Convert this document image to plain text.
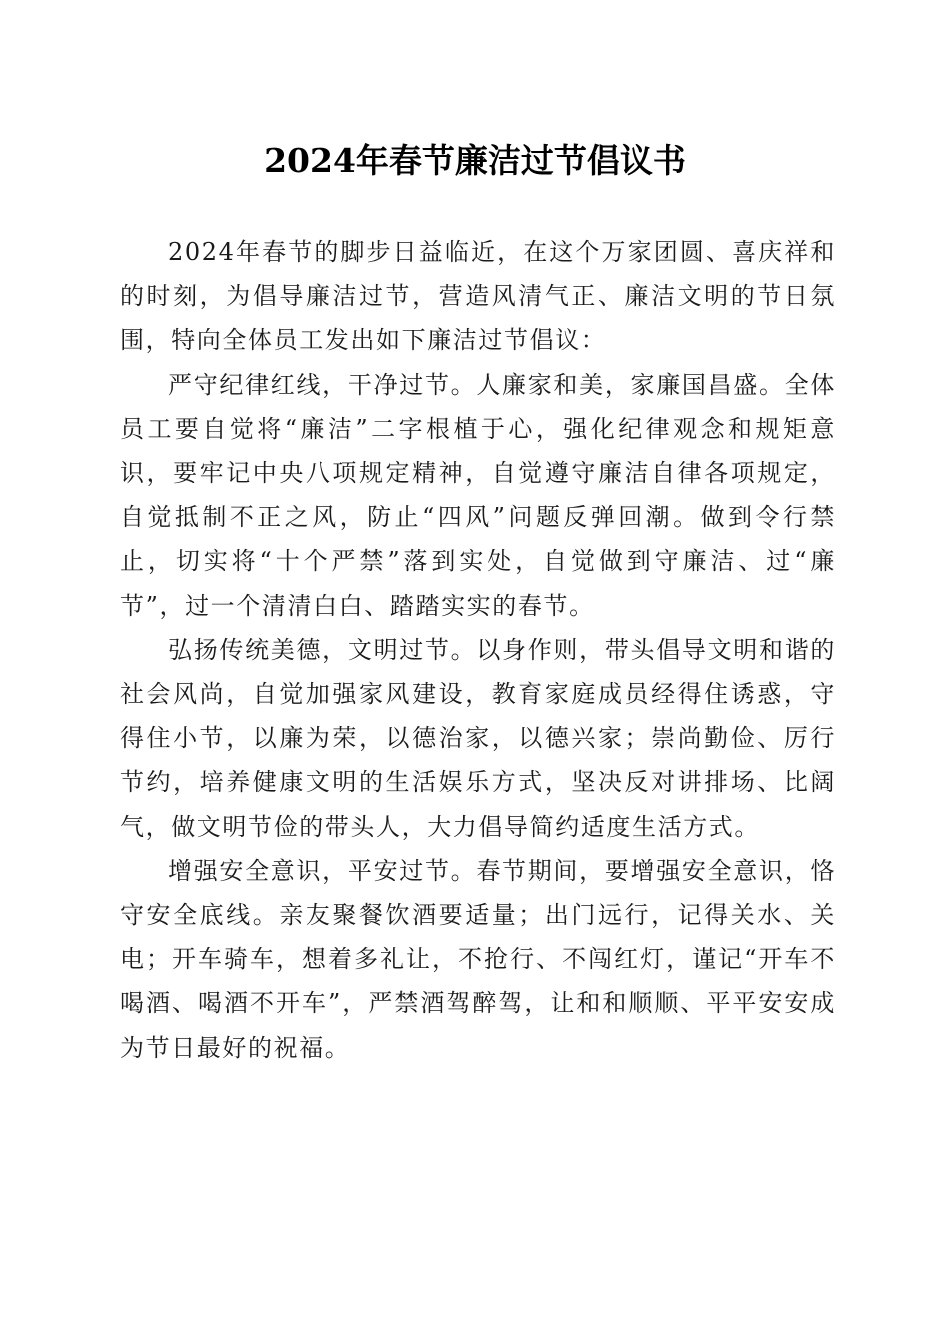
2024年春节廉洁过节倡议书

2024年春节的脚步日益临近，在这个万家团圆、喜庆祥和的时刻，为倡导廉洁过节，营造风清气正、廉洁文明的节日氛围，特向全体员工发出如下廉洁过节倡议：

严守纪律红线，干净过节。人廉家和美，家廉国昌盛。全体员工要自觉将“廉洁”二字根植于心，强化纪律观念和规矩意识，要牢记中央八项规定精神，自觉遵守廉洁自律各项规定，自觉抵制不正之风，防止“四风”问题反弹回潮。做到令行禁止，切实将“十个严禁”落到实处，自觉做到守廉洁、过“廉节”，过一个清清白白、踏踏实实的春节。

弘扬传统美德，文明过节。以身作则，带头倡导文明和谐的社会风尚，自觉加强家风建设，教育家庭成员经得住诱惑，守得住小节，以廉为荣，以德治家，以德兴家；崇尚勤俭、厉行节约，培养健康文明的生活娱乐方式，坚决反对讲排场、比阔气，做文明节俭的带头人，大力倡导简约适度生活方式。

增强安全意识，平安过节。春节期间，要增强安全意识，恪守安全底线。亲友聚餐饮酒要适量；出门远行，记得关水、关电；开车骑车，想着多礼让，不抢行、不闯红灯，谨记“开车不喝酒、喝酒不开车”，严禁酒驾醉驾，让和和顺顺、平平安安成为节日最好的祝福。
